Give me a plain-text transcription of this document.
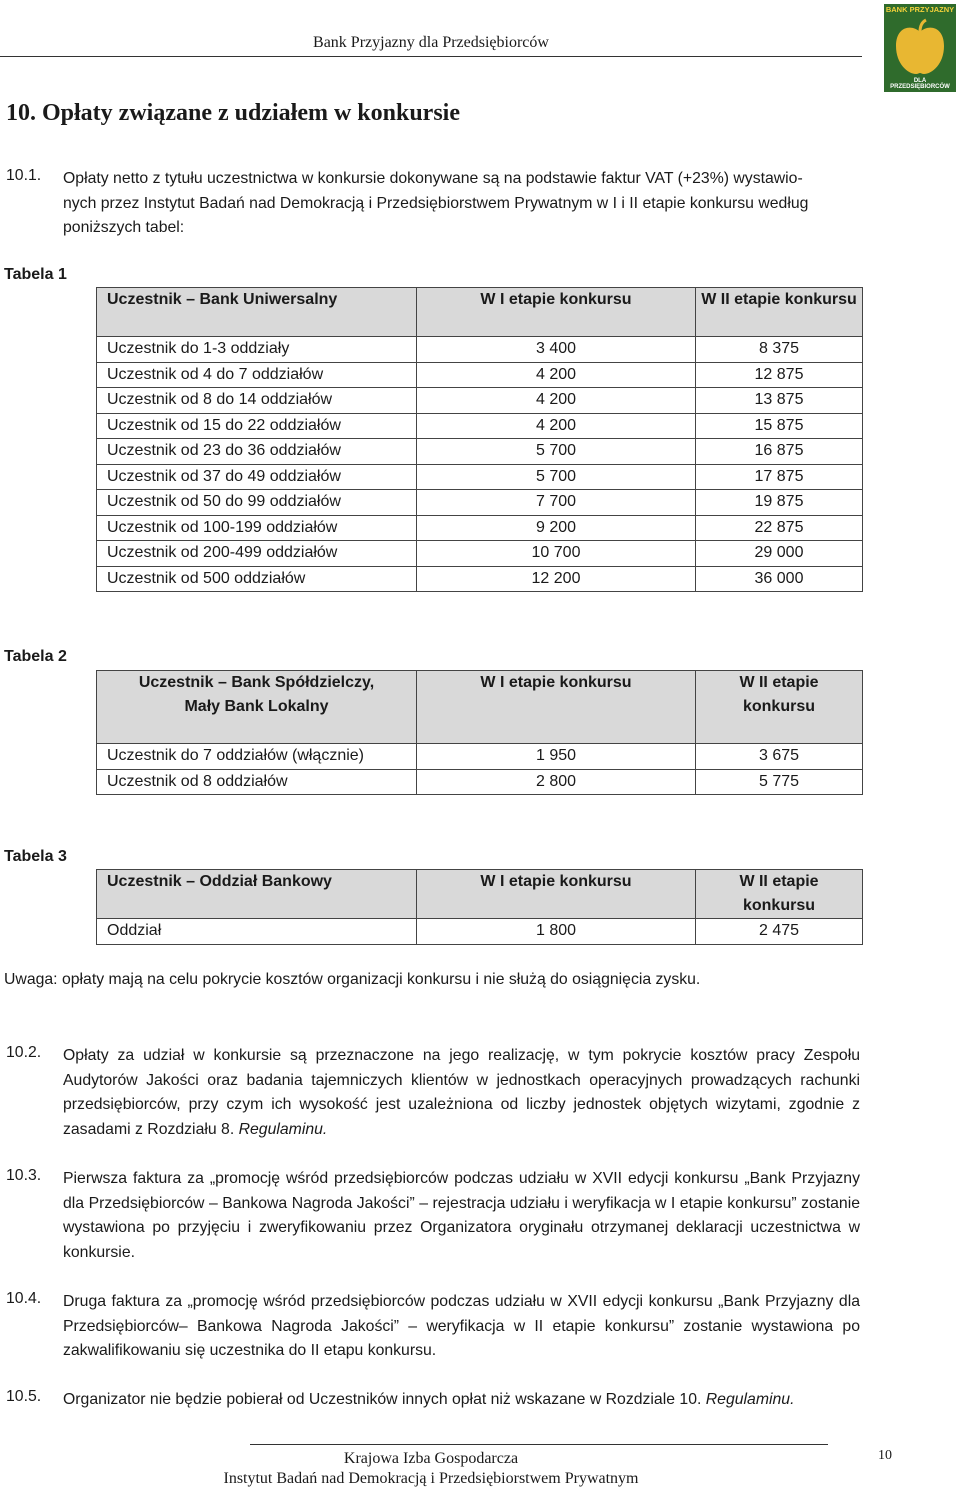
Bank Przyjazny dla Przedsiębiorców
BANK PRZYJAZNY
DLA PRZEDSIĘBIORCÓW
10. Opłaty związane z udziałem w konkursie
10.1. Opłaty netto z tytułu uczestnictwa w konkursie dokonywane są na podstawie faktur VAT (+23%) wystawio-
nych przez Instytut Badań nad Demokracją i Przedsiębiorstwem Prywatnym w I i II etapie konkursu według
poniższych tabel:
Tabela 1
Uczestnik – Bank Uniwersalny	W I etapie konkursu	W II etapie konkursu
Uczestnik do 1-3 oddziały	3 400	8 375
Uczestnik od 4 do 7 oddziałów	4 200	12 875
Uczestnik od 8 do 14 oddziałów	4 200	13 875
Uczestnik od 15 do 22 oddziałów	4 200	15 875
Uczestnik od 23 do 36 oddziałów	5 700	16 875
Uczestnik od 37 do 49 oddziałów	5 700	17 875
Uczestnik od 50 do 99 oddziałów	7 700	19 875
Uczestnik od 100-199 oddziałów	9 200	22 875
Uczestnik od 200-499 oddziałów	10 700	29 000
Uczestnik od 500 oddziałów	12 200	36 000
Tabela 2
Uczestnik – Bank Spółdzielczy, Mały Bank Lokalny	W I etapie konkursu	W II etapie konkursu
Uczestnik do 7 oddziałów (włącznie)	1 950	3 675
Uczestnik od 8 oddziałów	2 800	5 775
Tabela 3
Uczestnik – Oddział Bankowy	W I etapie konkursu	W II etapie konkursu
Oddział	1 800	2 475
Uwaga: opłaty mają na celu pokrycie kosztów organizacji konkursu i nie służą do osiągnięcia zysku.
10.2. Opłaty za udział w konkursie są przeznaczone na jego realizację, w tym pokrycie kosztów pracy Zespołu Audytorów Jakości oraz badania tajemniczych klientów w jednostkach operacyjnych prowadzących rachunki przedsiębiorców, przy czym ich wysokość jest uzależniona od liczby jednostek objętych wizytami, zgodnie z zasadami z Rozdziału 8. Regulaminu.
10.3. Pierwsza faktura za „promocję wśród przedsiębiorców podczas udziału w XVII edycji konkursu „Bank Przyjazny dla Przedsiębiorców – Bankowa Nagroda Jakości” – rejestracja udziału i weryfikacja w I etapie konkursu” zostanie wystawiona po przyjęciu i zweryfikowaniu przez Organizatora oryginału otrzymanej deklaracji uczestnictwa w konkursie.
10.4. Druga faktura za „promocję wśród przedsiębiorców podczas udziału w XVII edycji konkursu „Bank Przyjazny dla Przedsiębiorców– Bankowa Nagroda Jakości” – weryfikacja w II etapie konkursu” zostanie wystawiona po zakwalifikowaniu się uczestnika do II etapu konkursu.
10.5. Organizator nie będzie pobierał od Uczestników innych opłat niż wskazane w Rozdziale 10. Regulaminu.
Krajowa Izba Gospodarcza
Instytut Badań nad Demokracją i Przedsiębiorstwem Prywatnym
10
